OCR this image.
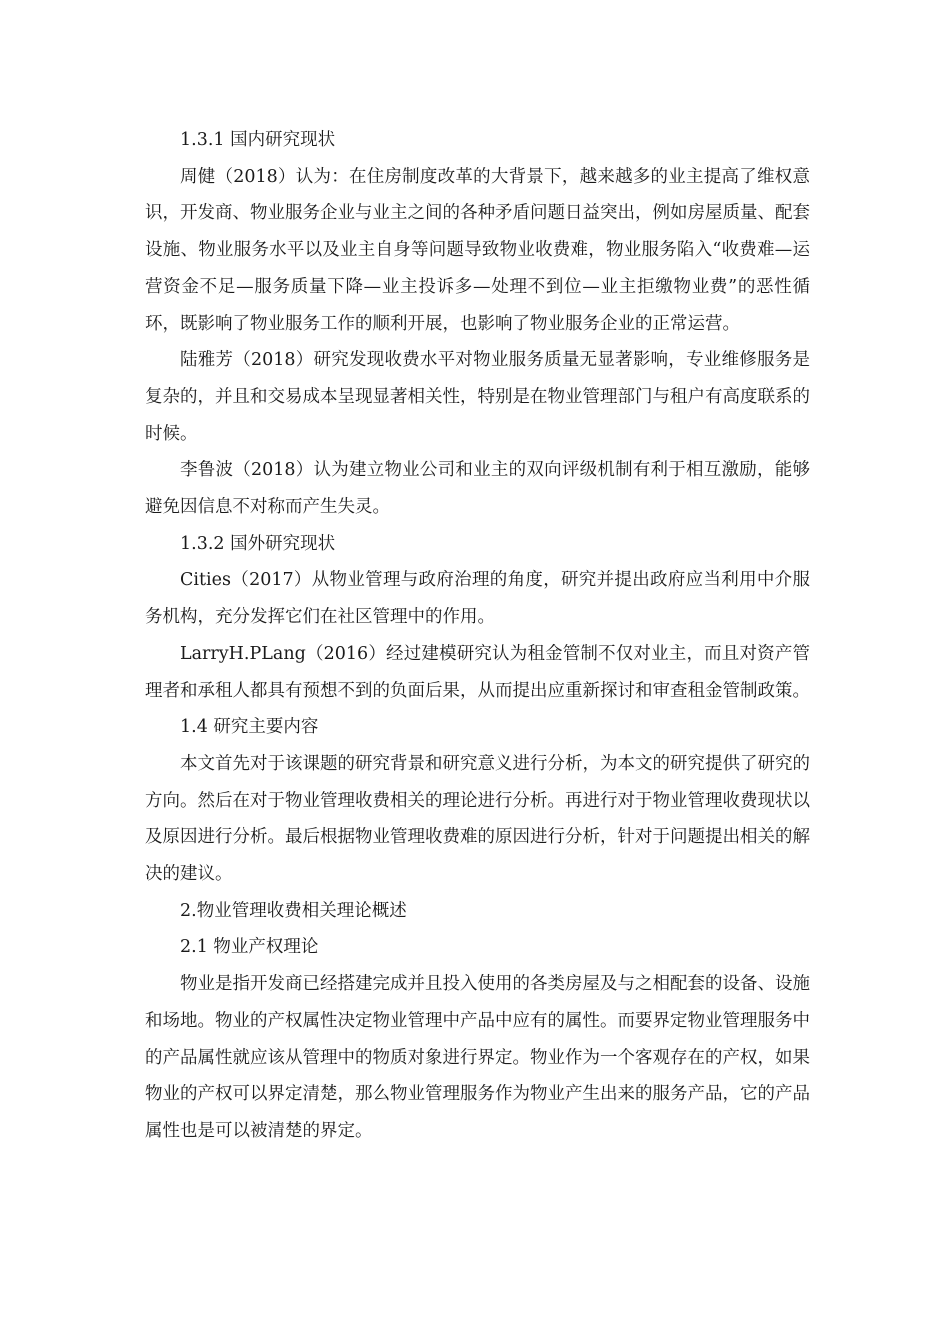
1.3.1 国内研究现状

周健（2018）认为：在住房制度改革的大背景下，越来越多的业主提高了维权意识，开发商、物业服务企业与业主之间的各种矛盾问题日益突出，例如房屋质量、配套设施、物业服务水平以及业主自身等问题导致物业收费难，物业服务陷入“收费难—运营资金不足—服务质量下降—业主投诉多—处理不到位—业主拒缴物业费”的恶性循环，既影响了物业服务工作的顺利开展，也影响了物业服务企业的正常运营。

陆雅芳（2018）研究发现收费水平对物业服务质量无显著影响，专业维修服务是复杂的，并且和交易成本呈现显著相关性，特别是在物业管理部门与租户有高度联系的时候。

李鲁波（2018）认为建立物业公司和业主的双向评级机制有利于相互激励，能够避免因信息不对称而产生失灵。

1.3.2 国外研究现状

Cities（2017）从物业管理与政府治理的角度，研究并提出政府应当利用中介服务机构，充分发挥它们在社区管理中的作用。

LarryH.PLang（2016）经过建模研究认为租金管制不仅对业主，而且对资产管理者和承租人都具有预想不到的负面后果，从而提出应重新探讨和审查租金管制政策。

1.4 研究主要内容

本文首先对于该课题的研究背景和研究意义进行分析，为本文的研究提供了研究的方向。然后在对于物业管理收费相关的理论进行分析。再进行对于物业管理收费现状以及原因进行分析。最后根据物业管理收费难的原因进行分析，针对于问题提出相关的解决的建议。

2.物业管理收费相关理论概述

2.1 物业产权理论

物业是指开发商已经搭建完成并且投入使用的各类房屋及与之相配套的设备、设施和场地。物业的产权属性决定物业管理中产品中应有的属性。而要界定物业管理服务中的产品属性就应该从管理中的物质对象进行界定。物业作为一个客观存在的产权，如果物业的产权可以界定清楚，那么物业管理服务作为物业产生出来的服务产品，它的产品属性也是可以被清楚的界定。
